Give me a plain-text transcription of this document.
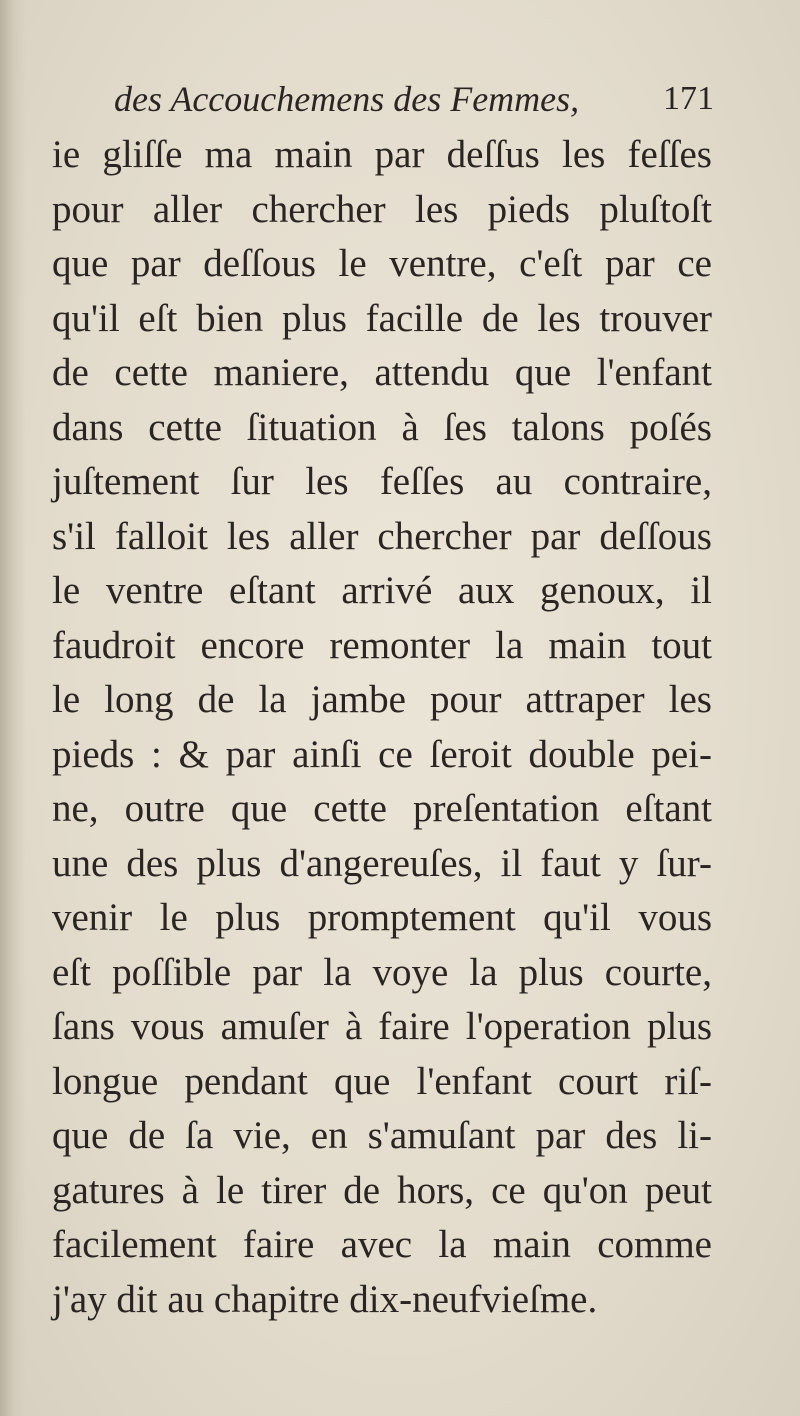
des Accouchemens des Femmes, 171
ie gliſſe ma main par deſſus les feſſes
pour aller chercher les pieds pluſtoſt
que par deſſous le ventre, c'eſt par ce
qu'il eſt bien plus facille de les trouver
de cette maniere, attendu que l'enfant
dans cette ſituation à ſes talons poſés
juſtement ſur les feſſes au contraire,
s'il falloit les aller chercher par deſſous
le ventre eſtant arrivé aux genoux, il
faudroit encore remonter la main tout
le long de la jambe pour attraper les
pieds : & par ainſi ce ſeroit double pei-
ne, outre que cette preſentation eſtant
une des plus d'angereuſes, il faut y ſur-
venir le plus promptement qu'il vous
eſt poſſible par la voye la plus courte,
ſans vous amuſer à faire l'operation plus
longue pendant que l'enfant court riſ-
que de ſa vie, en s'amuſant par des li-
gatures à le tirer de hors, ce qu'on peut
facilement faire avec la main comme
j'ay dit au chapitre dix-neufvieſme.
